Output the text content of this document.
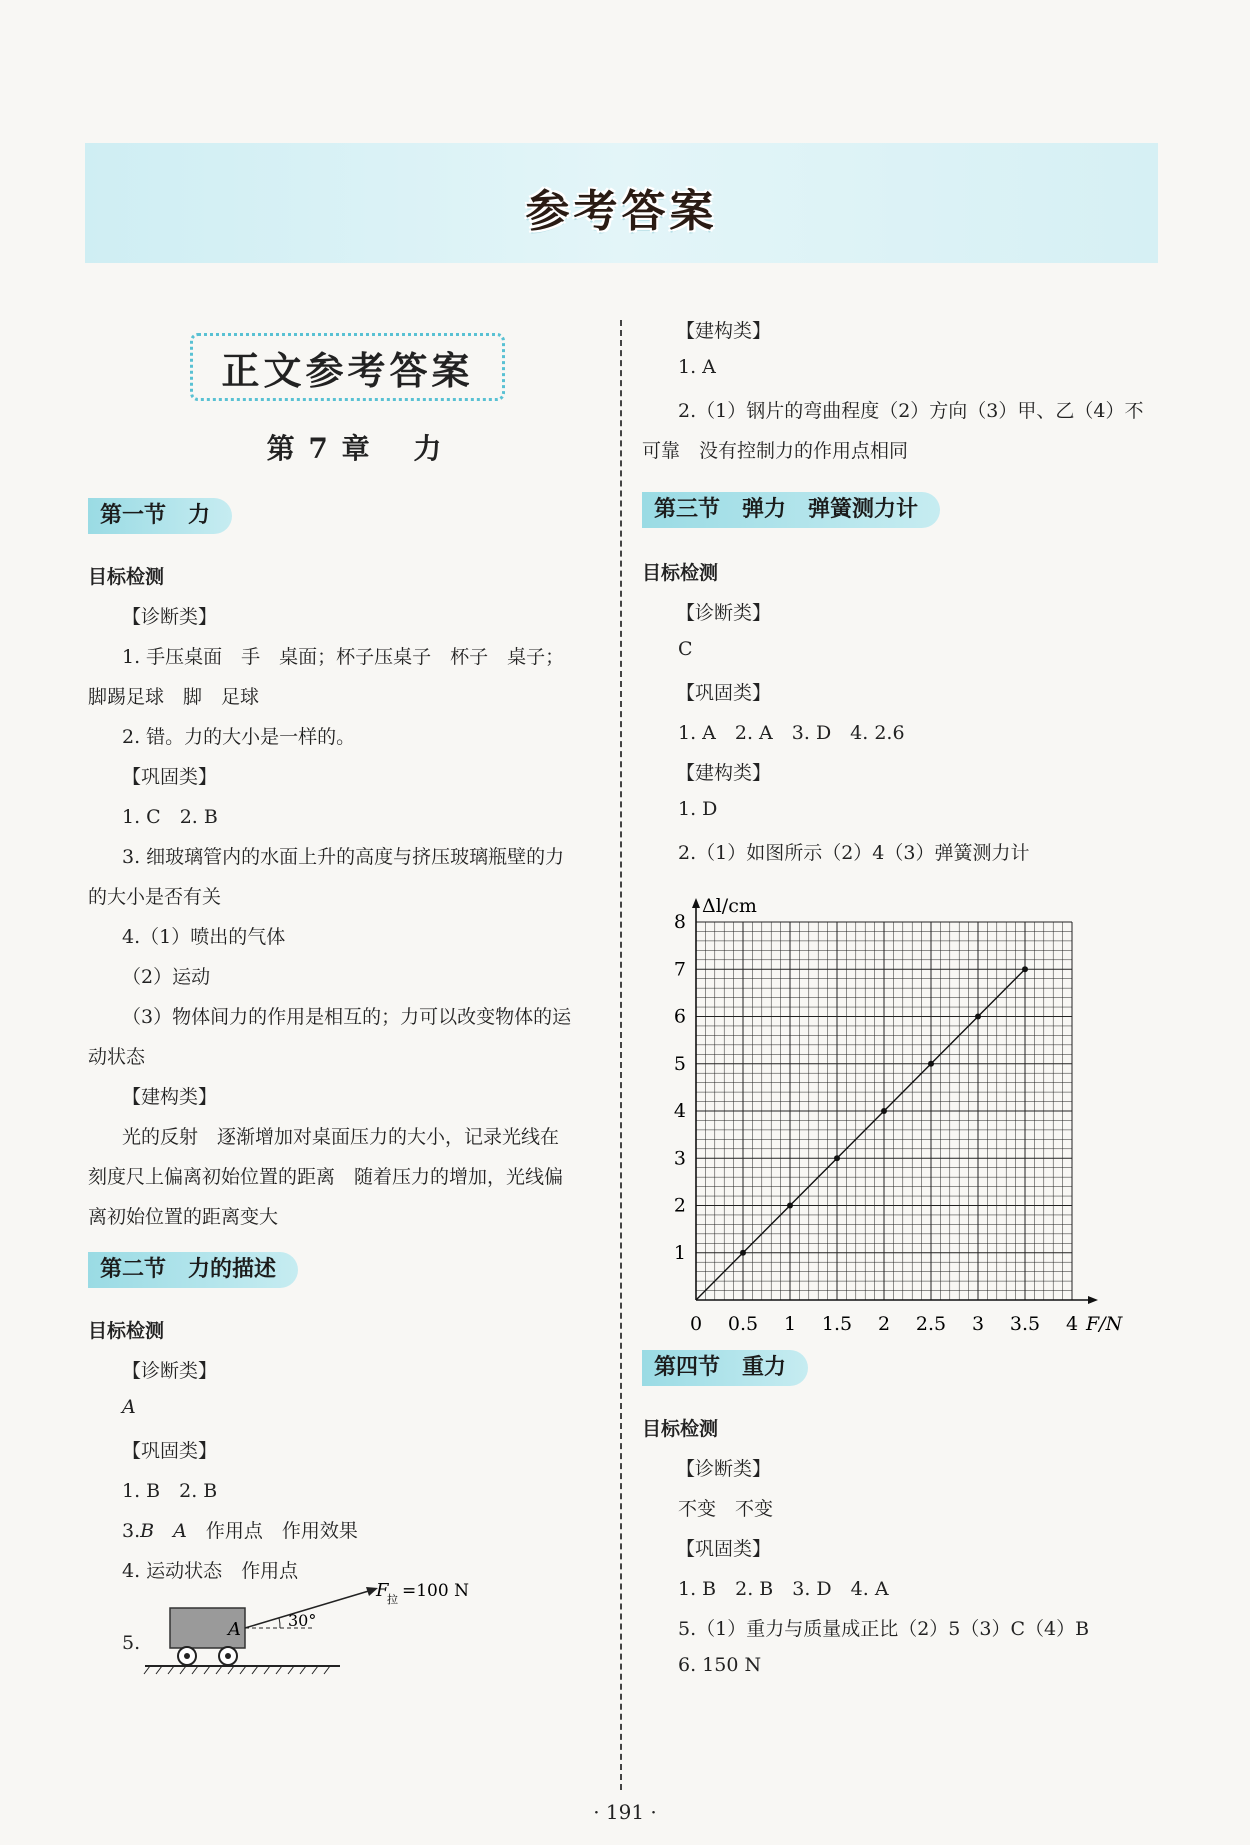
参考答案
正文参考答案
第 7 章　 力
第一节　力
目标检测
【诊断类】
1. 手压桌面　手　桌面；杯子压桌子　杯子　桌子；
脚踢足球　脚　足球
2. 错。力的大小是一样的。
【巩固类】
1. C　2. B
3. 细玻璃管内的水面上升的高度与挤压玻璃瓶壁的力
的大小是否有关
4.（1）喷出的气体
（2）运动
（3）物体间力的作用是相互的；力可以改变物体的运
动状态
【建构类】
光的反射　逐渐增加对桌面压力的大小，记录光线在
刻度尺上偏离初始位置的距离　随着压力的增加，光线偏
离初始位置的距离变大
第二节　力的描述
目标检测
【诊断类】
A
【巩固类】
1. B　2. B
3.B　 A　 作用点　作用效果
4. 运动状态　作用点
5.
A	30°
F
拉 =100 N
【建构类】
1. A
2.（1）钢片的弯曲程度（2）方向（3）甲、乙（4）不
可靠　没有控制力的作用点相同
第三节　弹力　弹簧测力计
目标检测
【诊断类】
C
【巩固类】
1. A　2. A　3. D　4. 2.6
【建构类】
1. D
2.（1）如图所示（2）4（3）弹簧测力计
0 0.5 1 1.5 2 2.5 3 3.5 4
1
2
3
4
5
6
7
8
F/N
Δl/cm
第四节　重力
目标检测
【诊断类】
不变　不变
【巩固类】
1. B　2. B　3. D　4. A
5.（1）重力与质量成正比（2）5（3）C（4）B
6. 150 N
· 191 ·
